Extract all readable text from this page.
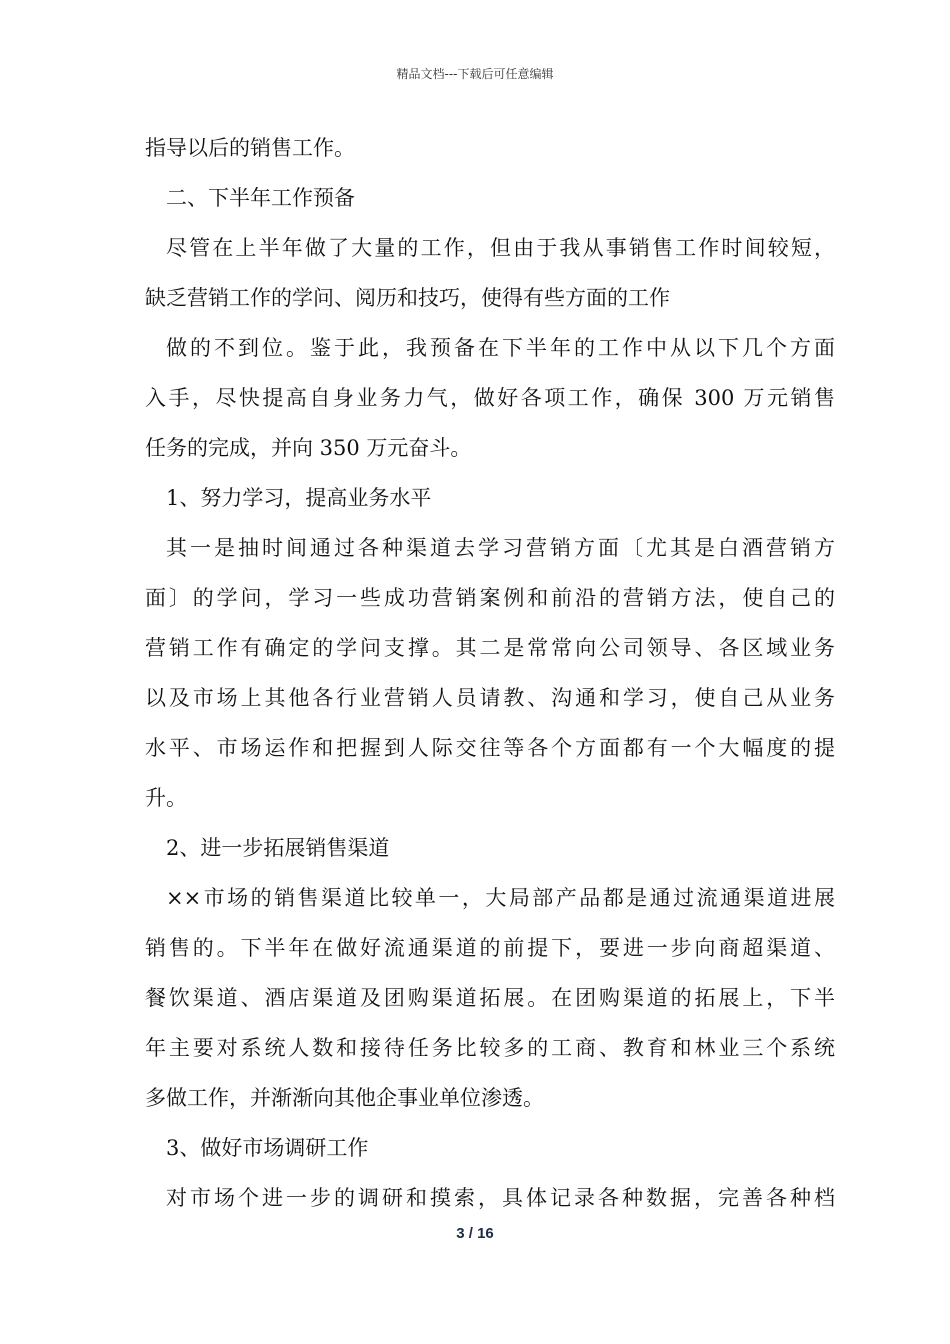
精品文档---下载后可任意编辑
指导以后的销售工作。
二、下半年工作预备
尽管在上半年做了大量的工作，但由于我从事销售工作时间较短，
缺乏营销工作的学问、阅历和技巧，使得有些方面的工作
做的不到位。鉴于此，我预备在下半年的工作中从以下几个方面
入手，尽快提高自身业务力气，做好各项工作，确保 300 万元销售
任务的完成，并向 350 万元奋斗。
1、努力学习，提高业务水平
其一是抽时间通过各种渠道去学习营销方面〔尤其是白酒营销方
面〕的学问，学习一些成功营销案例和前沿的营销方法，使自己的
营销工作有确定的学问支撑。其二是常常向公司领导、各区域业务
以及市场上其他各行业营销人员请教、沟通和学习，使自己从业务
水平、市场运作和把握到人际交往等各个方面都有一个大幅度的提
升。
2、进一步拓展销售渠道
××市场的销售渠道比较单一，大局部产品都是通过流通渠道进展
销售的。下半年在做好流通渠道的前提下，要进一步向商超渠道、
餐饮渠道、酒店渠道及团购渠道拓展。在团购渠道的拓展上，下半
年主要对系统人数和接待任务比较多的工商、教育和林业三个系统
多做工作，并渐渐向其他企事业单位渗透。
3、做好市场调研工作
对市场个进一步的调研和摸索，具体记录各种数据，完善各种档
3 / 16
